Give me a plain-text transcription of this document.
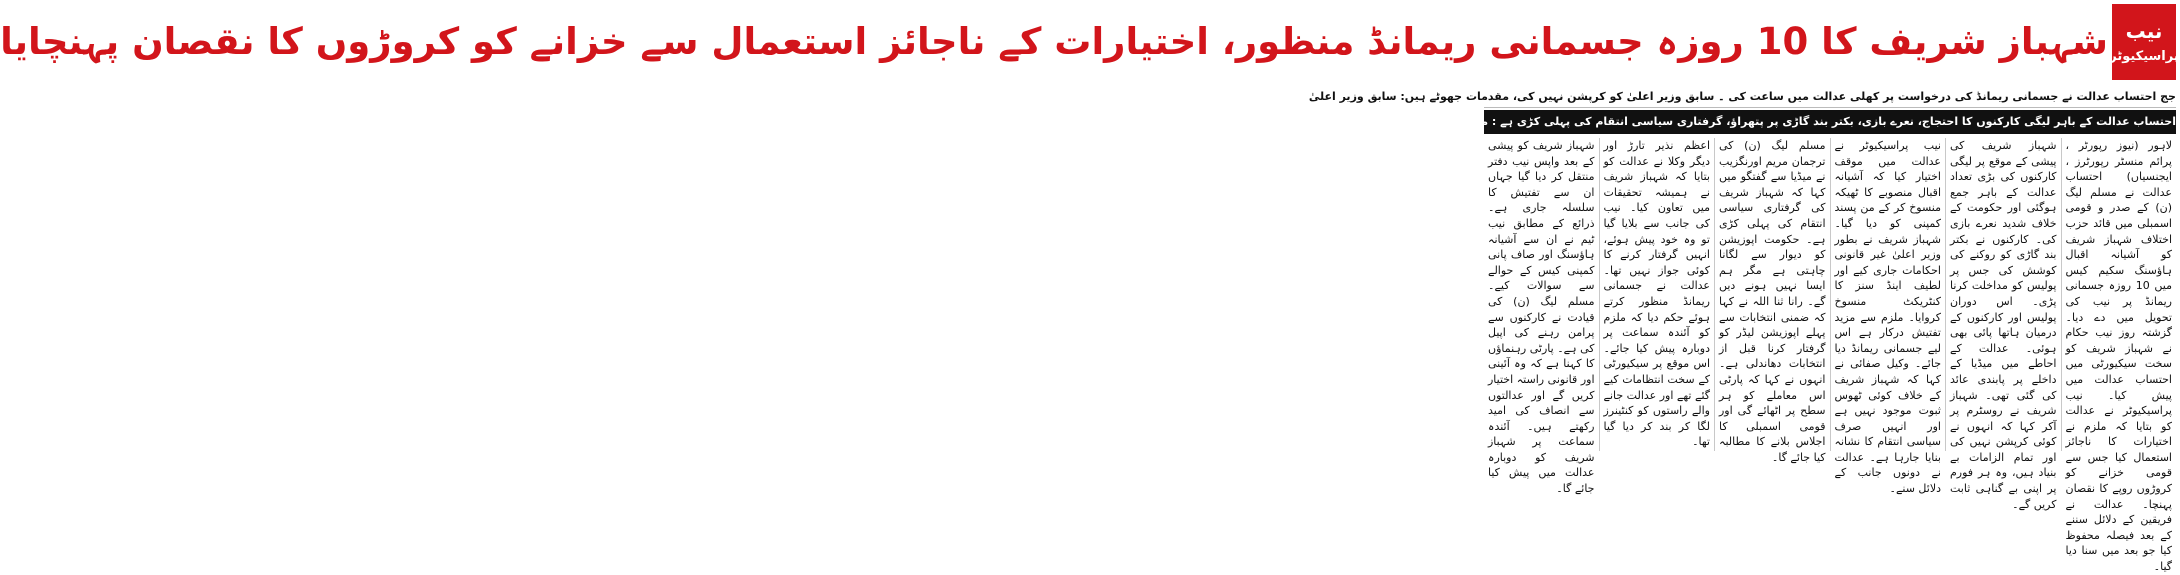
شہباز شریف کا 10 روزہ جسمانی ریمانڈ منظور، اختیارات کے ناجائز استعمال سے خزانے کو کروڑوں کا نقصان پہنچایا نیب
پراسیکیوٹر
جج احتساب عدالت نے جسمانی ریمانڈ کی درخواست پر کھلی عدالت میں ساعت کی ۔ سابق وزیر اعلیٰ کو کرپشن نہیں کی، مقدمات جھوٹے ہیں: سابق وزیر اعلیٰ
احتساب عدالت کے باہر لیگی کارکنوں کا احتجاج، نعرے بازی، بکتر بند گاڑی پر پتھراؤ، گرفتاری سیاسی انتقام کی پہلی کڑی ہے : مریم اورنگزیب، رانا ثنا اللہ دیگر کی گفتگو

لاہور (نیوز رپورٹر ، پرائم منسٹر رپورٹرز ، ایجنسیاں) احتساب عدالت نے مسلم لیگ (ن) کے صدر و قومی اسمبلی میں قائد حزب اختلاف شہباز شریف کو آشیانہ اقبال ہاؤسنگ سکیم کیس میں 10 روزہ جسمانی ریمانڈ پر نیب کی تحویل میں دے دیا۔ گزشتہ روز نیب حکام نے شہباز شریف کو سخت سیکیورٹی میں احتساب عدالت میں پیش کیا۔ نیب پراسیکیوٹر نے عدالت کو بتایا کہ ملزم نے اختیارات کا ناجائز استعمال کیا جس سے قومی خزانے کو کروڑوں روپے کا نقصان پہنچا۔ عدالت نے فریقین کے دلائل سننے کے بعد فیصلہ محفوظ کیا جو بعد میں سنا دیا گیا۔

شہباز شریف کی پیشی کے موقع پر لیگی کارکنوں کی بڑی تعداد عدالت کے باہر جمع ہوگئی اور حکومت کے خلاف شدید نعرے بازی کی۔ کارکنوں نے بکتر بند گاڑی کو روکنے کی کوشش کی جس پر پولیس کو مداخلت کرنا پڑی۔ اس دوران پولیس اور کارکنوں کے درمیان ہاتھا پائی بھی ہوئی۔ عدالت کے احاطے میں میڈیا کے داخلے پر پابندی عائد کی گئی تھی۔ شہباز شریف نے روسٹرم پر آکر کہا کہ انہوں نے کوئی کرپشن نہیں کی اور تمام الزامات بے بنیاد ہیں، وہ ہر فورم پر اپنی بے گناہی ثابت کریں گے۔

نیب پراسیکیوٹر نے عدالت میں موقف اختیار کیا کہ آشیانہ اقبال منصوبے کا ٹھیکہ منسوخ کر کے من پسند کمپنی کو دیا گیا۔ شہباز شریف نے بطور وزیر اعلیٰ غیر قانونی احکامات جاری کیے اور لطیف اینڈ سنز کا کنٹریکٹ منسوخ کروایا۔ ملزم سے مزید تفتیش درکار ہے اس لیے جسمانی ریمانڈ دیا جائے۔ وکیل صفائی نے کہا کہ شہباز شریف کے خلاف کوئی ٹھوس ثبوت موجود نہیں ہے اور انہیں صرف سیاسی انتقام کا نشانہ بنایا جارہا ہے۔ عدالت نے دونوں جانب کے دلائل سنے۔

مسلم لیگ (ن) کی ترجمان مریم اورنگزیب نے میڈیا سے گفتگو میں کہا کہ شہباز شریف کی گرفتاری سیاسی انتقام کی پہلی کڑی ہے۔ حکومت اپوزیشن کو دیوار سے لگانا چاہتی ہے مگر ہم ایسا نہیں ہونے دیں گے۔ رانا ثنا اللہ نے کہا کہ ضمنی انتخابات سے پہلے اپوزیشن لیڈر کو گرفتار کرنا قبل از انتخابات دھاندلی ہے۔ انہوں نے کہا کہ پارٹی اس معاملے کو ہر سطح پر اٹھائے گی اور قومی اسمبلی کا اجلاس بلانے کا مطالبہ کیا جائے گا۔

اعظم نذیر تارڑ اور دیگر وکلا نے عدالت کو بتایا کہ شہباز شریف نے ہمیشہ تحقیقات میں تعاون کیا۔ نیب کی جانب سے بلایا گیا تو وہ خود پیش ہوئے، انہیں گرفتار کرنے کا کوئی جواز نہیں تھا۔ عدالت نے جسمانی ریمانڈ منظور کرتے ہوئے حکم دیا کہ ملزم کو آئندہ سماعت پر دوبارہ پیش کیا جائے۔ اس موقع پر سیکیورٹی کے سخت انتظامات کیے گئے تھے اور عدالت جانے والے راستوں کو کنٹینرز لگا کر بند کر دیا گیا تھا۔

شہباز شریف کو پیشی کے بعد واپس نیب دفتر منتقل کر دیا گیا جہاں ان سے تفتیش کا سلسلہ جاری ہے۔ ذرائع کے مطابق نیب ٹیم نے ان سے آشیانہ ہاؤسنگ اور صاف پانی کمپنی کیس کے حوالے سے سوالات کیے۔ مسلم لیگ (ن) کی قیادت نے کارکنوں سے پرامن رہنے کی اپیل کی ہے۔ پارٹی رہنماؤں کا کہنا ہے کہ وہ آئینی اور قانونی راستہ اختیار کریں گے اور عدالتوں سے انصاف کی امید رکھتے ہیں۔ آئندہ سماعت پر شہباز شریف کو دوبارہ عدالت میں پیش کیا جائے گا۔
